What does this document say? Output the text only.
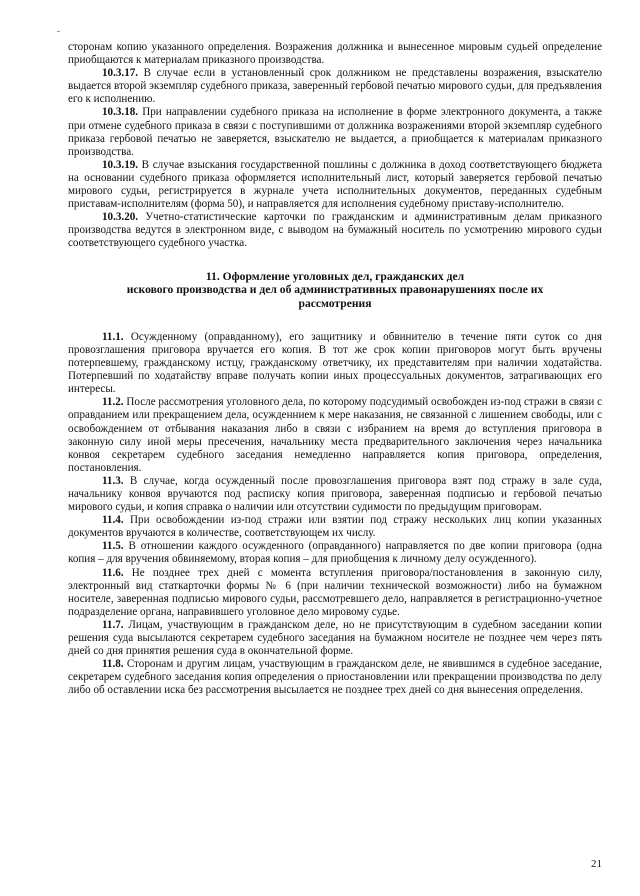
сторонам копию указанного определения. Возражения должника и вынесенное мировым судьей определение приобщаются к материалам приказного производства.

10.3.17. В случае если в установленный срок должником не представлены возражения, взыскателю выдается второй экземпляр судебного приказа, заверенный гербовой печатью мирового судьи, для предъявления его к исполнению.

10.3.18. При направлении судебного приказа на исполнение в форме электронного документа, а также при отмене судебного приказа в связи с поступившими от должника возражениями второй экземпляр судебного приказа гербовой печатью не заверяется, взыскателю не выдается, а приобщается к материалам приказного производства.

10.3.19. В случае взыскания государственной пошлины с должника в доход соответствующего бюджета на основании судебного приказа оформляется исполнительный лист, который заверяется гербовой печатью мирового судьи, регистрируется в журнале учета исполнительных документов, переданных судебным приставам-исполнителям (форма 50), и направляется для исполнения судебному приставу-исполнителю.

10.3.20. Учетно-статистические карточки по гражданским и административным делам приказного производства ведутся в электронном виде, с выводом на бумажный носитель по усмотрению мирового судьи соответствующего судебного участка.

11. Оформление уголовных дел, гражданских дел
искового производства и дел об административных правонарушениях после их
рассмотрения

11.1. Осужденному (оправданному), его защитнику и обвинителю в течение пяти суток со дня провозглашения приговора вручается его копия. В тот же срок копии приговоров могут быть вручены потерпевшему, гражданскому истцу, гражданскому ответчику, их представителям при наличии ходатайства. Потерпевший по ходатайству вправе получать копии иных процессуальных документов, затрагивающих его интересы.

11.2. После рассмотрения уголовного дела, по которому подсудимый освобожден из-под стражи в связи с оправданием или прекращением дела, осужденнием к мере наказания, не связанной с лишением свободы, или с освобождением от отбывания наказания либо в связи с избранием на время до вступления приговора в законную силу иной меры пресечения, начальнику места предварительного заключения через начальника конвоя секретарем судебного заседания немедленно направляется копия приговора, определения, постановления.

11.3. В случае, когда осужденный после провозглашения приговора взят под стражу в зале суда, начальнику конвоя вручаются под расписку копия приговора, заверенная подписью и гербовой печатью мирового судьи, и копия справка о наличии или отсутствии судимости по предыдущим приговорам.

11.4. При освобождении из-под стражи или взятии под стражу нескольких лиц копии указанных документов вручаются в количестве, соответствующем их числу.

11.5. В отношении каждого осужденного (оправданного) направляется по две копии приговора (одна копия – для вручения обвиняемому, вторая копия – для приобщения к личному делу осужденного).

11.6. Не позднее трех дней с момента вступления приговора/постановления в законную силу, электронный вид статкарточки формы № 6 (при наличии технической возможности) либо на бумажном носителе, заверенная подписью мирового судьи, рассмотревшего дело, направляется в регистрационно-учетное подразделение органа, направившего уголовное дело мировому судье.

11.7. Лицам, участвующим в гражданском деле, но не присутствующим в судебном заседании копии решения суда высылаются секретарем судебного заседания на бумажном носителе не позднее чем через пять дней со дня принятия решения суда в окончательной форме.

11.8. Сторонам и другим лицам, участвующим в гражданском деле, не явившимся в судебное заседание, секретарем судебного заседания копия определения о приостановлении или прекращении производства по делу либо об оставлении иска без рассмотрения высылается не позднее трех дней со дня вынесения определения.

21
